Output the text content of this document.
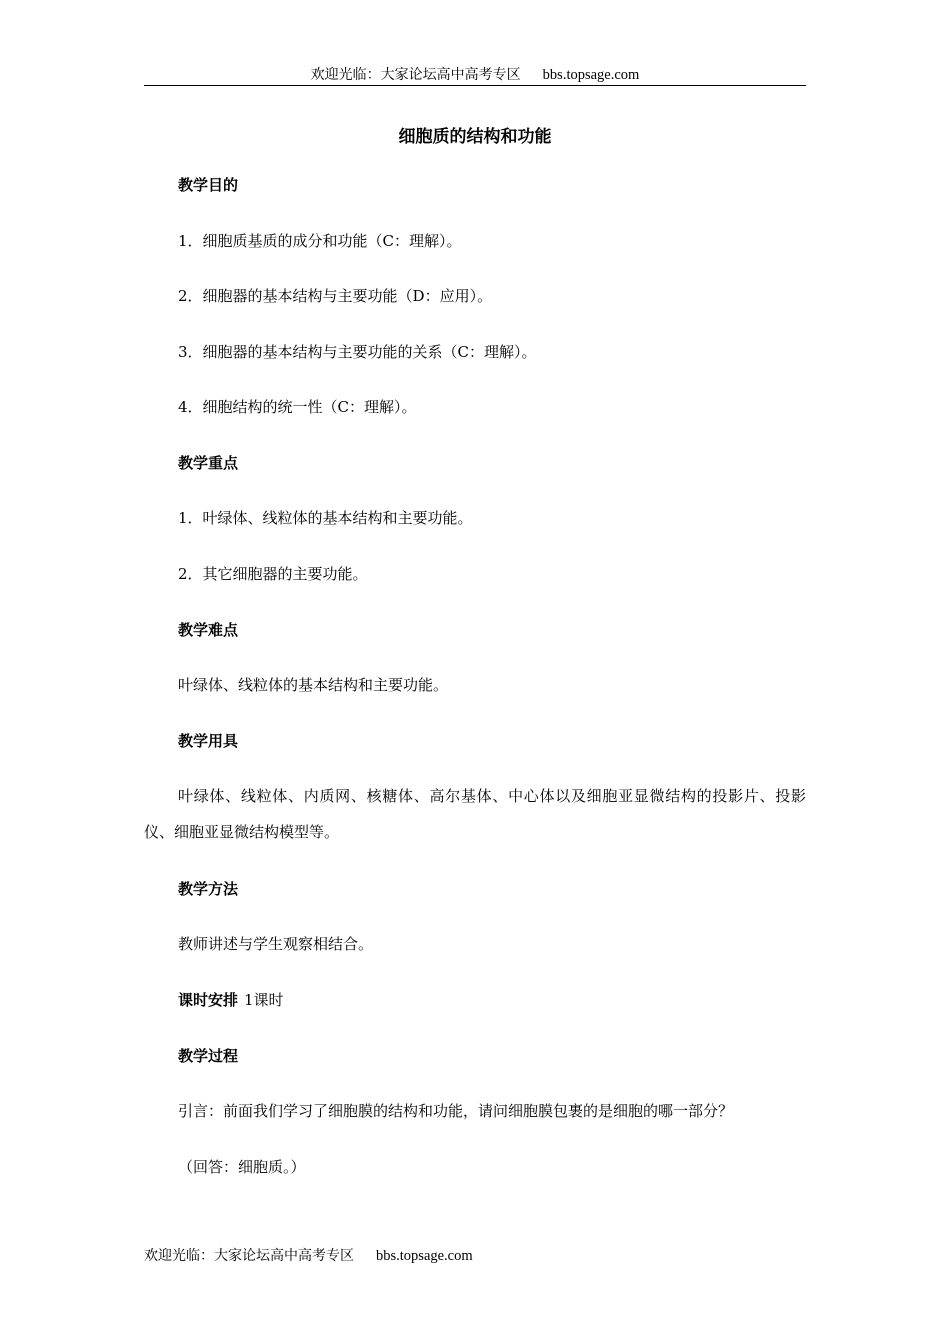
欢迎光临：大家论坛高中高考专区 bbs.topsage.com
细胞质的结构和功能
教学目的
1．细胞质基质的成分和功能（C：理解）。
2．细胞器的基本结构与主要功能（D：应用）。
3．细胞器的基本结构与主要功能的关系（C：理解）。
4．细胞结构的统一性（C：理解）。
教学重点
1．叶绿体、线粒体的基本结构和主要功能。
2．其它细胞器的主要功能。
教学难点
叶绿体、线粒体的基本结构和主要功能。
教学用具
叶绿体、线粒体、内质网、核糖体、高尔基体、中心体以及细胞亚显微结构的投影片、投影仪、细胞亚显微结构模型等。
教学方法
教师讲述与学生观察相结合。
课时安排 1课时
教学过程
引言：前面我们学习了细胞膜的结构和功能，请问细胞膜包裹的是细胞的哪一部分？
（回答：细胞质。）
欢迎光临：大家论坛高中高考专区 bbs.topsage.com
